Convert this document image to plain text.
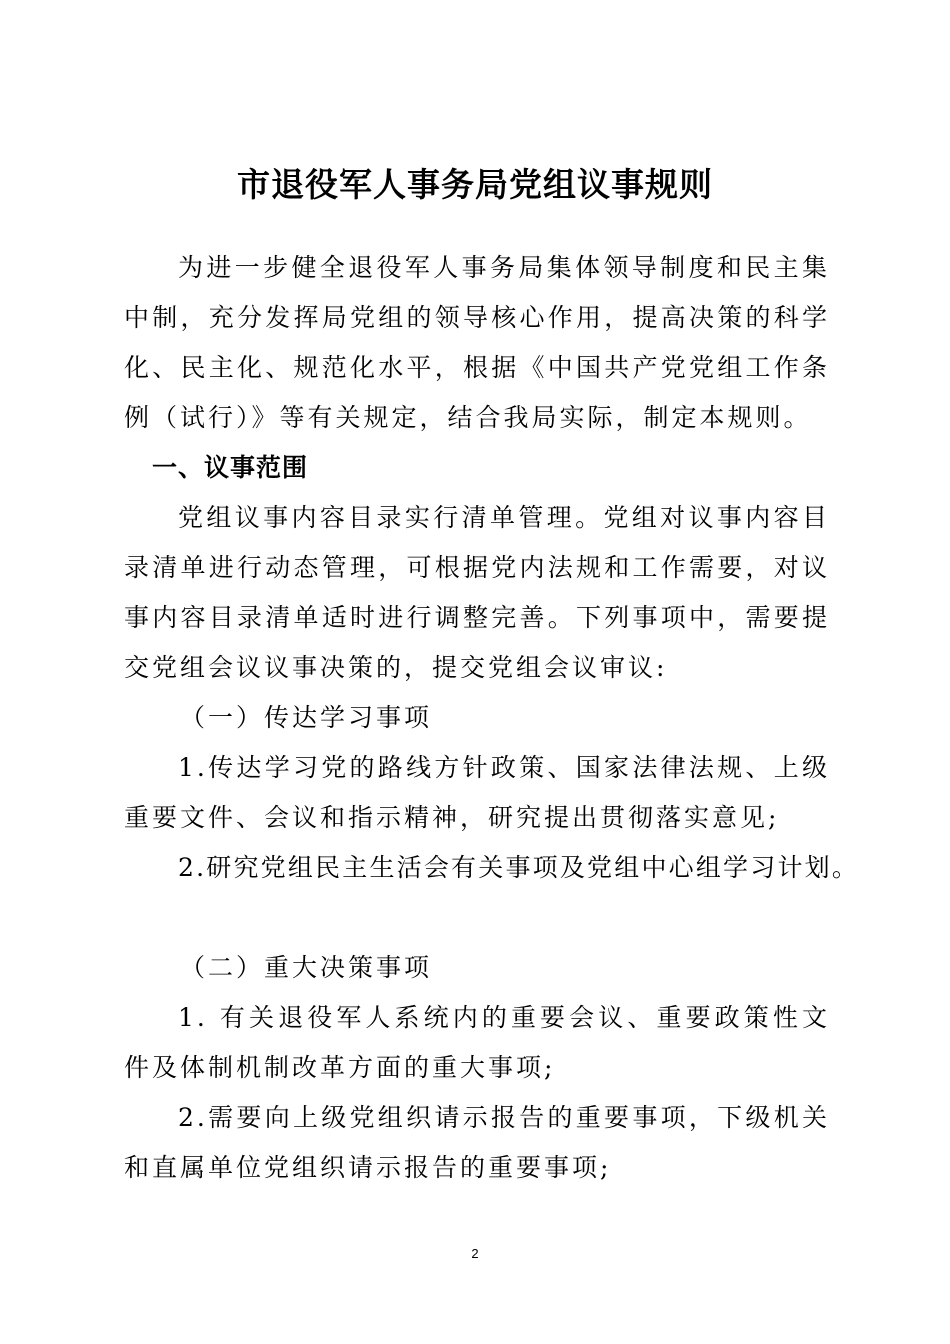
市退役军人事务局党组议事规则

为进一步健全退役军人事务局集体领导制度和民主集中制，充分发挥局党组的领导核心作用，提高决策的科学化、民主化、规范化水平，根据《中国共产党党组工作条例（试行）》等有关规定，结合我局实际，制定本规则。

一、议事范围

党组议事内容目录实行清单管理。党组对议事内容目录清单进行动态管理，可根据党内法规和工作需要，对议事内容目录清单适时进行调整完善。下列事项中，需要提交党组会议议事决策的，提交党组会议审议:

（一）传达学习事项

1.传达学习党的路线方针政策、国家法律法规、上级重要文件、会议和指示精神，研究提出贯彻落实意见;

2.研究党组民主生活会有关事项及党组中心组学习计划。

（二）重大决策事项

1. 有关退役军人系统内的重要会议、重要政策性文件及体制机制改革方面的重大事项;

2.需要向上级党组织请示报告的重要事项，下级机关和直属单位党组织请示报告的重要事项;

2
